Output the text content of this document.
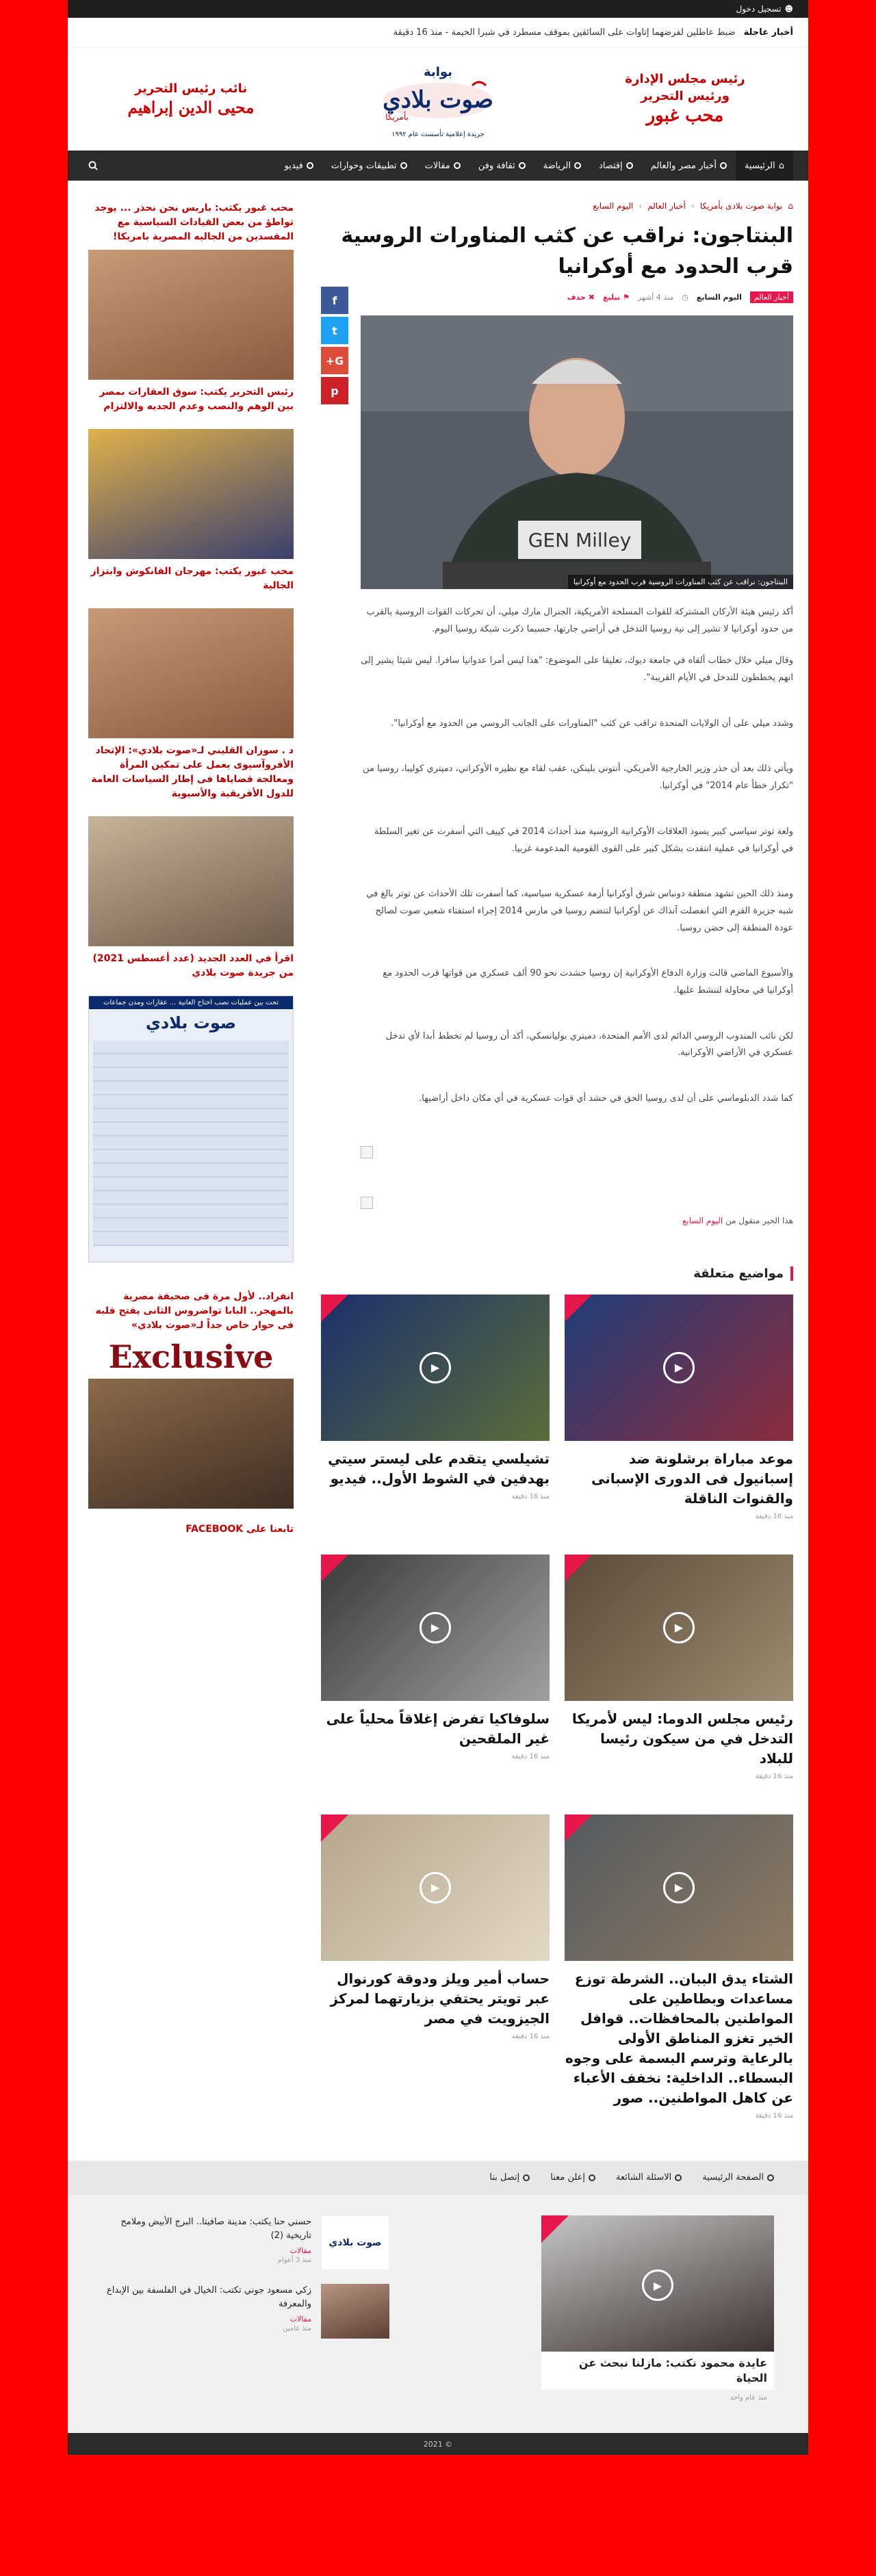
☻
تسجيل دخول
أخبار عاجلة
ضبط عاطلين لفرضهما إتاوات على السائقين بموقف مسطرد في شبرا الخيمة - منذ 16 دقيقة
رئيس مجلس الإدارة
ورئيس التحرير
محب غبور
بوابة
صوت بلادي
بأمريكا
جريدة إعلامية تأسست عام ١٩٩٢
نائب رئيس التحرير
محيى الدين إبراهيم
⌂
الرئيسية
أخبار مصر والعالم
إقتصاد
الرياضة
ثقافة وفن
مقالات
تطبيقات وحوارات
فيديو
⌂
بوابة صوت بلادى بأمريكا
›
أخبار العالم
›
اليوم السابع
البنتاجون: نراقب عن كثب المناورات الروسية قرب الحدود مع أوكرانيا
أخبار العالم
اليوم السابع
◷
منذ 4 أشهر
⚑ تبليغ
✖ حذف
GEN Milley
البنتاجون: نراقب عن كثب المناورات الروسية قرب الحدود مع أوكرانيا

أكد رئيس هيئة الأركان المشتركة للقوات المسلحة الأمريكية، الجنرال مارك ميلي، أن تحركات القوات الروسية بالقرب من حدود أوكرانيا لا تشير إلى نية روسيا التدخل في أراضي جارتها، حسبما ذكرت شبكة روسيا اليوم.

وقال ميلي خلال خطاب ألقاه في جامعة ديوك، تعليقا على الموضوع: "هذا ليس أمرا عدوانيا سافرا. ليس شيئا يشير إلى انهم يخططون للتدخل في الأيام القريبة".

وشدد ميلي على أن الولايات المتحدة تراقب عن كثب "المناورات على الجانب الروسي من الحدود مع أوكرانيا".

ويأتي ذلك بعد أن حذر وزير الخارجية الأمريكي، أنتوني بلينكن، عقب لقاء مع نظيره الأوكراني، دميتري كوليبا، روسيا من "تكرار خطأ عام 2014" في أوكرانيا.

ولعة توتر سياسي كبير يسود العلاقات الأوكرانية الروسية منذ أحداث 2014 في كييف التي أسفرت عن تغير السلطة في أوكرانيا في عملية انتقدت بشكل كبير على القوى القومية المدعومة غربيا.

ومنذ ذلك الحين تشهد منطقة دونباس شرق أوكرانيا أزمة عسكرية سياسية، كما أسفرت تلك الأحداث عن توتر بالغ في شبه جزيرة القرم التي انفصلت آنذاك عن أوكرانيا لتنضم روسيا في مارس 2014 إجراء استفتاء شعبي صوت لصالح عودة المنطقة إلى حضن روسيا.

والأسبوع الماضي قالت وزارة الدفاع الأوكرانية إن روسيا حشدت نحو 90 ألف عسكري من قواتها قرب الحدود مع أوكرانيا في محاولة لتنشط عليها.

لكن نائب المندوب الروسي الدائم لدى الأمم المتحدة، دميتري بوليانسكي، أكد أن روسيا لم تخطط أبدا لأي تدخل عسكري في الأراضي الأوكرانية.

كما شدد الدبلوماسي على أن لدى روسيا الحق في حشد أي قوات عسكرية في أي مكان داخل أراضيها.

هذا الخبر منقول من اليوم السابع
f
t
G+
p
مواضيع متعلقة
▶
موعد مباراة برشلونة ضد إسبانيول فى الدورى الإسبانى والقنوات الناقلة
منذ 16 دقيقة
▶
تشيلسي يتقدم على ليستر سيتي بهدفين في الشوط الأول.. فيديو
منذ 16 دقيقة
▶
رئيس مجلس الدوما: ليس لأمريكا التدخل في من سيكون رئيسا للبلاد
منذ 16 دقيقة
▶
سلوفاكيا تفرض إغلاقاً محلياً على غير الملقحين
منذ 16 دقيقة
▶
الشتاء يدق الببان.. الشرطة توزع مساعدات وبطاطين على المواطنين بالمحافظات.. قوافل الخير تغزو المناطق الأولى بالرعاية وترسم البسمة على وجوه البسطاء.. الداخلية: نخفف الأعباء عن كاهل المواطنين.. صور
منذ 16 دقيقة
▶
حساب أمير ويلز ودوقة كورنوال عبر تويتر يحتفي بزيارتهما لمركز الجيزويت في مصر
منذ 16 دقيقة
محب غبور يكتب: باريس نحن نحذر ... يوجد تواطؤ من بعض القيادات السياسية مع المفسدين من الجاليه المصرية بامريكا!
رئيس التحرير يكتب: سوق العقارات بمصر بين الوهم والنصب وعدم الجديه والالتزام
محب غبور يكتب: مهرجان الفانكوش وابتزاز الجالية
د . سوزان القليني لـ«صوت بلادي»: الإتحاد الأفروآسيوى يعمل على تمكين المرأة ومعالجة قضاياها فى إطار السياسات العامة للدول الأفريقية والأسيوية
اقرأ في العدد الجديد (عدد أغسطس 2021) من جريدة صوت بلادي
تحت بين عمليات نصب اختاح العانية ... عقارات ومدن جماعات
صوت بلادي
انفراد.. لأول مرة فى صحيفة مصرية بالمهجر.. البابا تواضروس الثانى يفتح قلبه فى حوار خاص جداً لـ«صوت بلادي»
Exclusive
تابعنا على FACEBOOK
الصفحة الرئيسية
الاسئلة الشائعة
إعلن معنا
إتصل بنا
▶
عايدة محمود تكتب: مازلنا نبحث عن الحياة
منذ عام واحد
صوت بلادي
حسني حنا يكتب: مدينة صافيتا.. البرج الأبيض وملامح تاريخية (2)
مقالات
منذ 3 أعوام
زكي مسعود جوني تكتب: الخيال في الفلسفة بين الإبداع والمعرفة
مقالات
منذ عامين
© 2021
